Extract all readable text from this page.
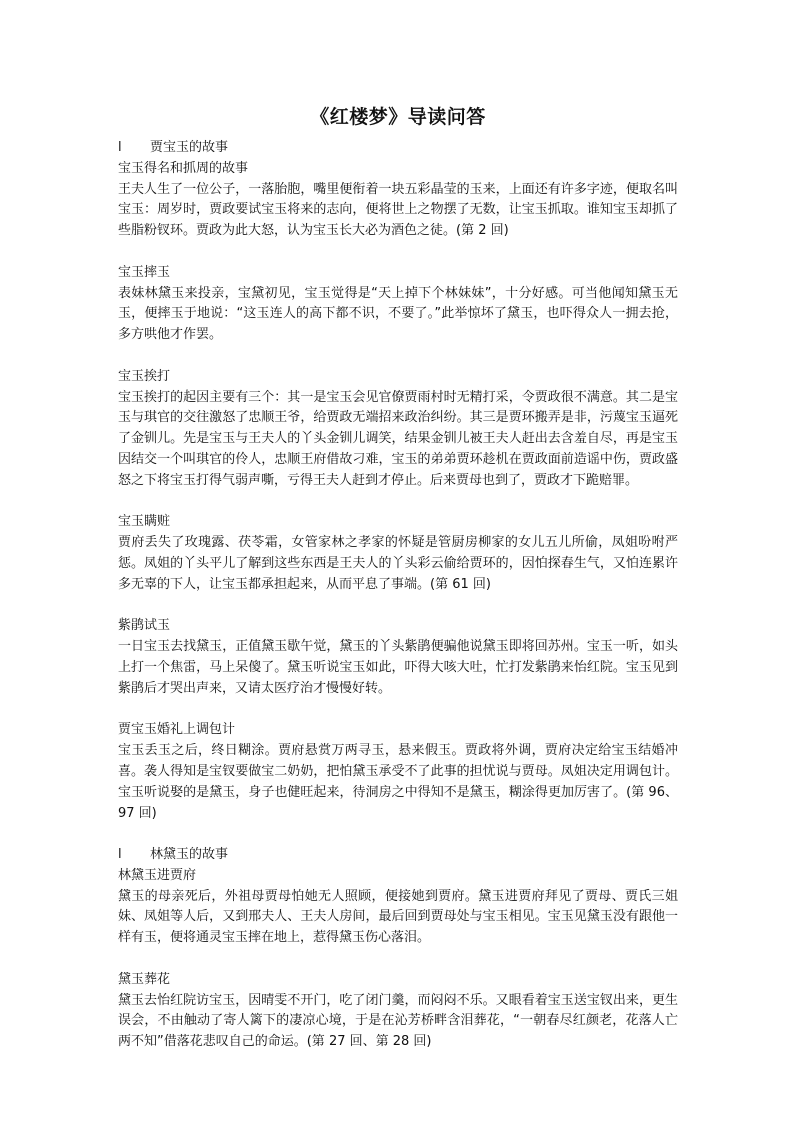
《红楼梦》导读问答
l	贾宝玉的故事

宝玉得名和抓周的故事

王夫人生了一位公子，一落胎胞，嘴里便衔着一块五彩晶莹的玉来，上面还有许多字迹，便取名叫宝玉：周岁时，贾政要试宝玉将来的志向，便将世上之物摆了无数，让宝玉抓取。谁知宝玉却抓了些脂粉钗环。贾政为此大怒，认为宝玉长大必为酒色之徒。(第 2 回)

宝玉摔玉

表妹林黛玉来投亲，宝黛初见，宝玉觉得是“天上掉下个林妹妹”，十分好感。可当他闻知黛玉无玉，便摔玉于地说：“这玉连人的高下都不识，不要了。”此举惊坏了黛玉，也吓得众人一拥去抢，多方哄他才作罢。

宝玉挨打

宝玉挨打的起因主要有三个：其一是宝玉会见官僚贾雨村时无精打采，令贾政很不满意。其二是宝玉与琪官的交往激怒了忠顺王爷，给贾政无端招来政治纠纷。其三是贾环搬弄是非，污蔑宝玉逼死了金钏儿。先是宝玉与王夫人的丫头金钏儿调笑，结果金钏儿被王夫人赶出去含羞自尽，再是宝玉因结交一个叫琪官的伶人，忠顺王府借故刁难，宝玉的弟弟贾环趁机在贾政面前造谣中伤，贾政盛怒之下将宝玉打得气弱声嘶，亏得王夫人赶到才停止。后来贾母也到了，贾政才下跪赔罪。

宝玉瞒赃

贾府丢失了玫瑰露、茯苓霜，女管家林之孝家的怀疑是管厨房柳家的女儿五儿所偷，凤姐吩咐严惩。凤姐的丫头平儿了解到这些东西是王夫人的丫头彩云偷给贾环的，因怕探春生气，又怕连累许多无辜的下人，让宝玉都承担起来，从而平息了事端。(第 61 回)

紫鹃试玉

一日宝玉去找黛玉，正值黛玉歇午觉，黛玉的丫头紫鹃便骗他说黛玉即将回苏州。宝玉一听，如头上打一个焦雷，马上呆傻了。黛玉听说宝玉如此，吓得大咳大吐，忙打发紫鹃来怡红院。宝玉见到紫鹃后才哭出声来，又请太医疗治才慢慢好转。

贾宝玉婚礼上调包计

宝玉丢玉之后，终日糊涂。贾府悬赏万两寻玉，悬来假玉。贾政将外调，贾府决定给宝玉结婚冲喜。袭人得知是宝钗要做宝二奶奶，把怕黛玉承受不了此事的担忧说与贾母。凤姐决定用调包计。宝玉听说娶的是黛玉，身子也健旺起来，待洞房之中得知不是黛玉，糊涂得更加厉害了。(第 96、97 回)

l	林黛玉的故事

林黛玉进贾府

黛玉的母亲死后，外祖母贾母怕她无人照顾，便接她到贾府。黛玉进贾府拜见了贾母、贾氏三姐妹、凤姐等人后，又到邢夫人、王夫人房间，最后回到贾母处与宝玉相见。宝玉见黛玉没有跟他一样有玉，便将通灵宝玉摔在地上，惹得黛玉伤心落泪。

黛玉葬花

黛玉去怡红院访宝玉，因晴雯不开门，吃了闭门羹，而闷闷不乐。又眼看着宝玉送宝钗出来，更生误会，不由触动了寄人篱下的凄凉心境，于是在沁芳桥畔含泪葬花，“一朝春尽红颜老，花落人亡两不知”借落花悲叹自己的命运。(第 27 回、第 28 回)
